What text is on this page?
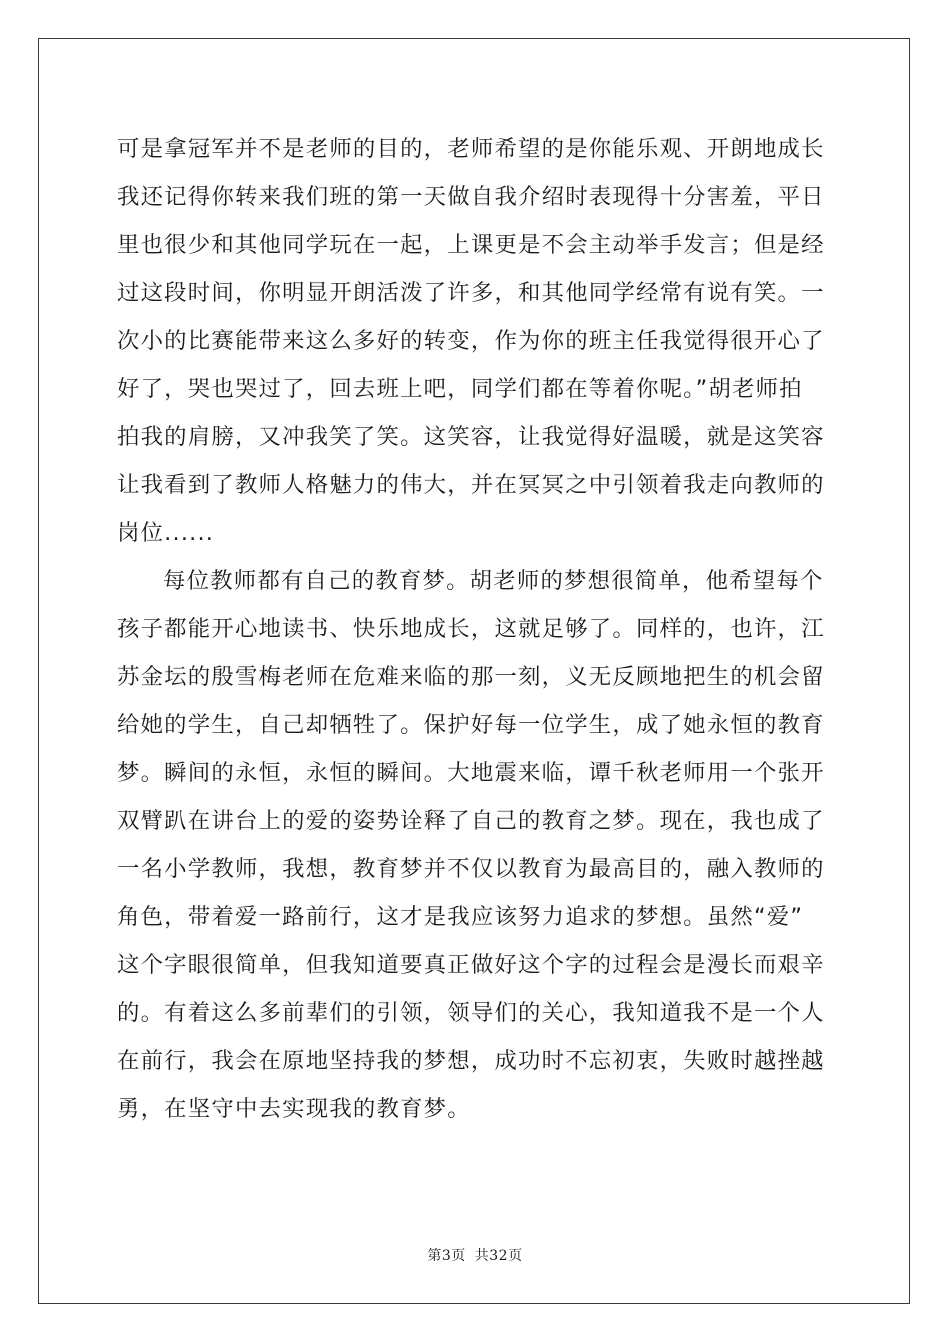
可是拿冠军并不是老师的目的，老师希望的是你能乐观、开朗地成长
我还记得你转来我们班的第一天做自我介绍时表现得十分害羞，平日
里也很少和其他同学玩在一起，上课更是不会主动举手发言；但是经
过这段时间，你明显开朗活泼了许多，和其他同学经常有说有笑。一
次小的比赛能带来这么多好的转变，作为你的班主任我觉得很开心了
好了，哭也哭过了，回去班上吧，同学们都在等着你呢。”胡老师拍
拍我的肩膀，又冲我笑了笑。这笑容，让我觉得好温暖，就是这笑容
让我看到了教师人格魅力的伟大，并在冥冥之中引领着我走向教师的
岗位......
每位教师都有自己的教育梦。胡老师的梦想很简单，他希望每个
孩子都能开心地读书、快乐地成长，这就足够了。同样的，也许，江
苏金坛的殷雪梅老师在危难来临的那一刻，义无反顾地把生的机会留
给她的学生，自己却牺牲了。保护好每一位学生，成了她永恒的教育
梦。瞬间的永恒，永恒的瞬间。大地震来临，谭千秋老师用一个张开
双臂趴在讲台上的爱的姿势诠释了自己的教育之梦。现在，我也成了
一名小学教师，我想，教育梦并不仅以教育为最高目的，融入教师的
角色，带着爱一路前行，这才是我应该努力追求的梦想。虽然“爱”
这个字眼很简单，但我知道要真正做好这个字的过程会是漫长而艰辛
的。有着这么多前辈们的引领，领导们的关心，我知道我不是一个人
在前行，我会在原地坚持我的梦想，成功时不忘初衷，失败时越挫越
勇，在坚守中去实现我的教育梦。
第3页 共32页
